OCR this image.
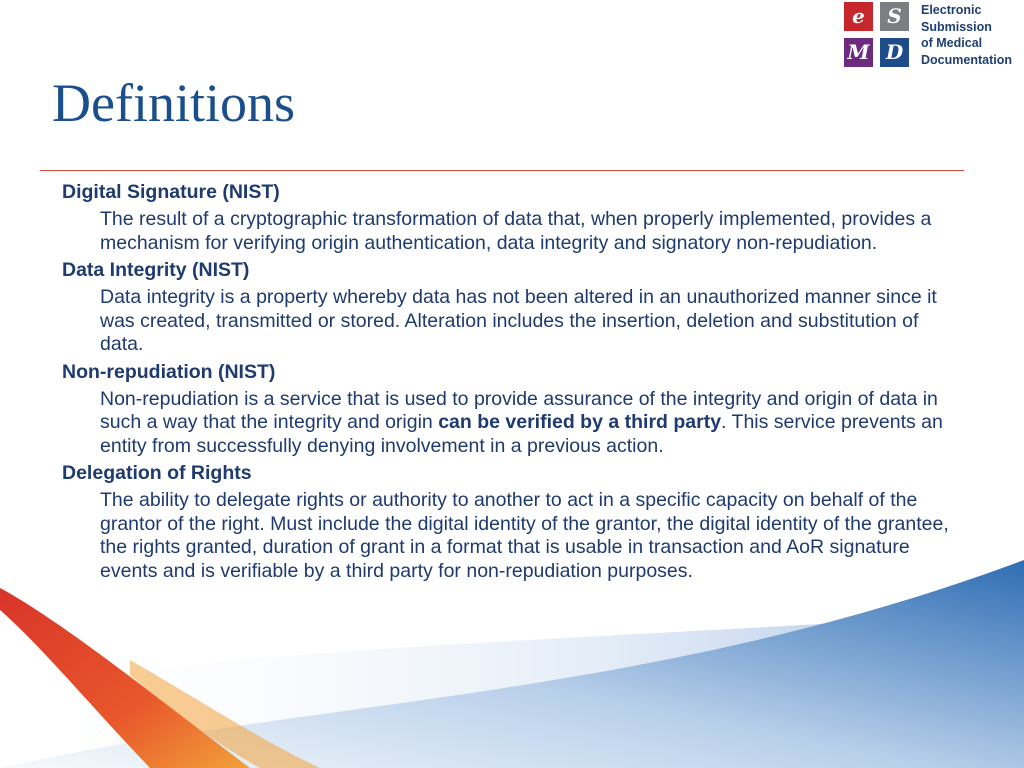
e	S
M D
Electronic
Submission
of Medical
Documentation
Definitions

Digital Signature (NIST)

The result of a cryptographic transformation of data that, when properly implemented, provides a mechanism for verifying origin authentication, data integrity and signatory non-repudiation.

Data Integrity (NIST)

Data integrity is a property whereby data has not been altered in an unauthorized manner since it was created, transmitted or stored. Alteration includes the insertion, deletion and substitution of data.

Non-repudiation (NIST)

Non-repudiation is a service that is used to provide assurance of the integrity and origin of data in such a way that the integrity and origin can be verified by a third party. This service prevents an entity from successfully denying involvement in a previous action.

Delegation of Rights

The ability to delegate rights or authority to another to act in a specific capacity on behalf of the grantor of the right. Must include the digital identity of the grantor, the digital identity of the grantee, the rights granted, duration of grant in a format that is usable in transaction and AoR signature events and is verifiable by a third party for non-repudiation purposes.
